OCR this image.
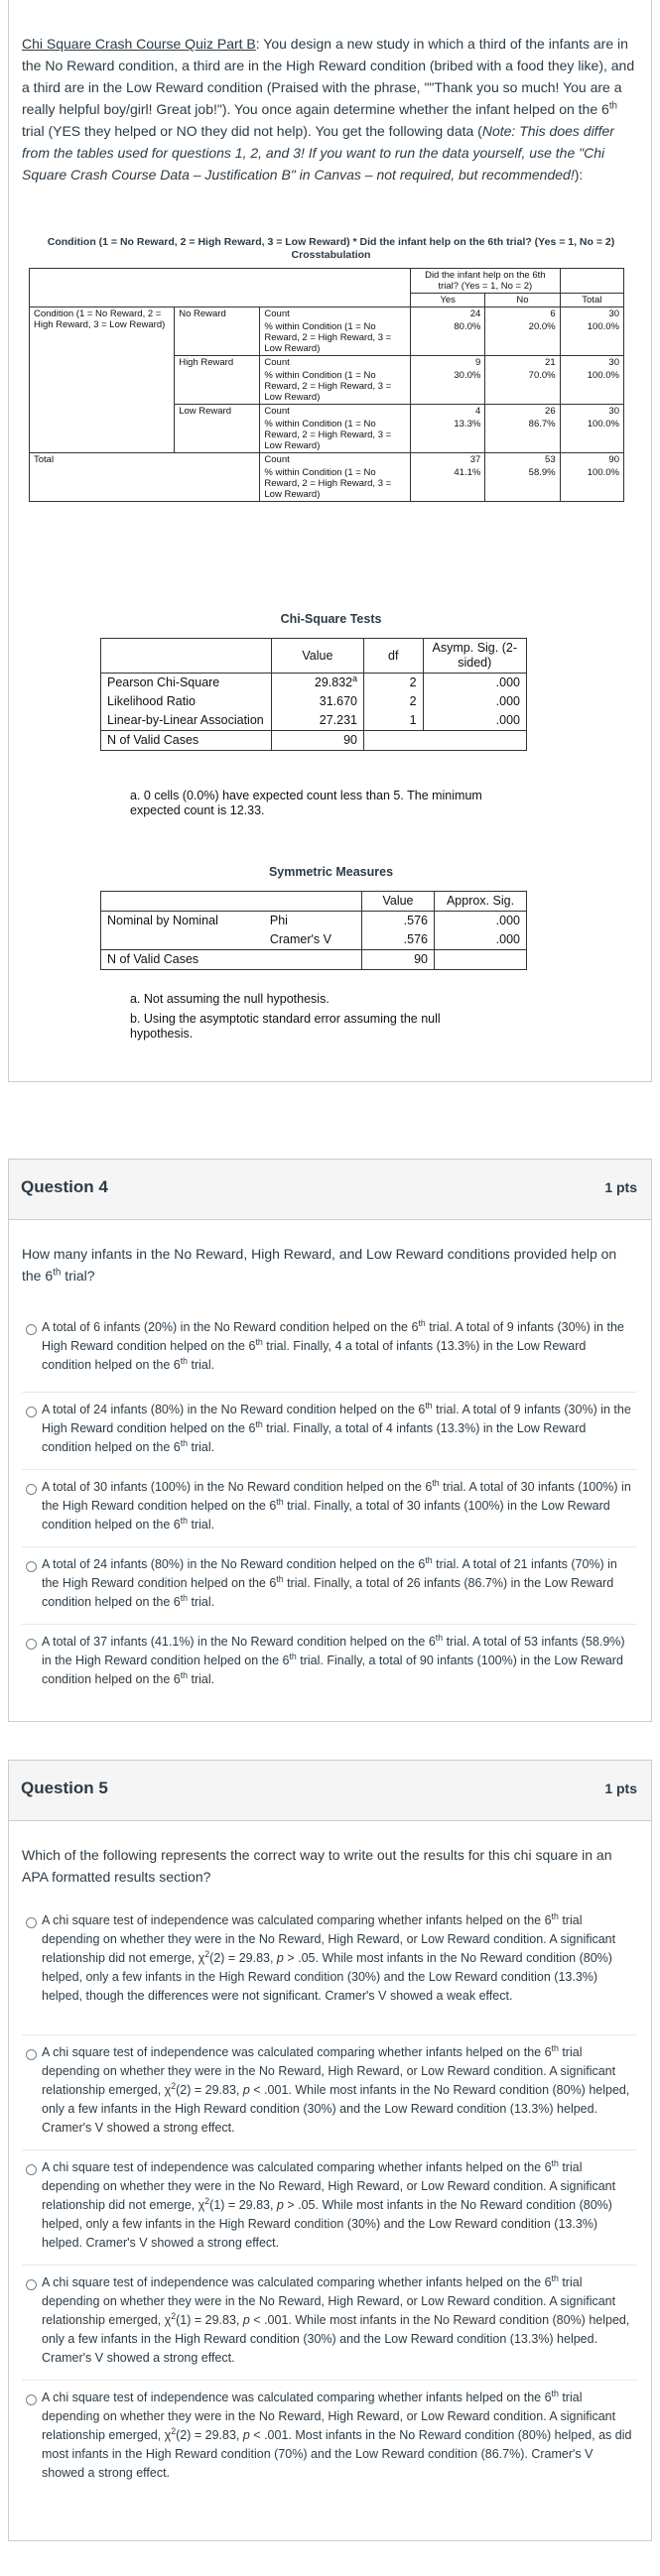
Chi Square Crash Course Quiz Part B: You design a new study in which a third of the infants are in the No Reward condition, a third are in the High Reward condition (bribed with a food they like), and a third are in the Low Reward condition (Praised with the phrase, ""Thank you so much! You are a really helpful boy/girl! Great job!"). You once again determine whether the infant helped on the 6th trial (YES they helped or NO they did not help). You get the following data (Note: This does differ from the tables used for questions 1, 2, and 3! If you want to run the data yourself, use the "Chi Square Crash Course Data – Justification B" in Canvas – not required, but recommended!):
Condition (1 = No Reward, 2 = High Reward, 3 = Low Reward) * Did the infant help on the 6th trial? (Yes = 1, No = 2)
Crosstabulation
			Did the infant help on the 6th trial? (Yes = 1, No = 2)		
			Yes	No	Total
Condition (1 = No Reward, 2 = High Reward, 3 = Low Reward)	No Reward	Count	24	6	30
		% within Condition (1 = No Reward, 2 = High Reward, 3 = Low Reward)	80.0%	20.0%	100.0%
	High Reward	Count	9	21	30
		% within Condition (1 = No Reward, 2 = High Reward, 3 = Low Reward)	30.0%	70.0%	100.0%
	Low Reward	Count	4	26	30
		% within Condition (1 = No Reward, 2 = High Reward, 3 = Low Reward)	13.3%	86.7%	100.0%
Total		Count	37	53	90
		% within Condition (1 = No Reward, 2 = High Reward, 3 = Low Reward)	41.1%	58.9%	100.0%
Chi-Square Tests
	Value	df	Asymp. Sig. (2-sided)
Pearson Chi-Square	29.832$^a$	2	.000
Likelihood Ratio	31.670	2	.000
Linear-by-Linear Association	27.231	1	.000
N of Valid Cases	90		
a. 0 cells (0.0%) have expected count less than 5. The minimum expected count is 12.33.
Symmetric Measures
		Value	Approx. Sig.
Nominal by Nominal	Phi	.576	.000
	Cramer's V	.576	.000
N of Valid Cases		90	
a. Not assuming the null hypothesis.
b. Using the asymptotic standard error assuming the null hypothesis.
Question 4	1 pts
How many infants in the No Reward, High Reward, and Low Reward conditions provided help on the 6th trial?
A total of 6 infants (20%) in the No Reward condition helped on the 6th trial. A total of 9 infants (30%) in the High Reward condition helped on the 6th trial. Finally, 4 a total of infants (13.3%) in the Low Reward condition helped on the 6th trial.
A total of 24 infants (80%) in the No Reward condition helped on the 6th trial. A total of 9 infants (30%) in the High Reward condition helped on the 6th trial. Finally, a total of 4 infants (13.3%) in the Low Reward condition helped on the 6th trial.
A total of 30 infants (100%) in the No Reward condition helped on the 6th trial. A total of 30 infants (100%) in the High Reward condition helped on the 6th trial. Finally, a total of 30 infants (100%) in the Low Reward condition helped on the 6th trial.
A total of 24 infants (80%) in the No Reward condition helped on the 6th trial. A total of 21 infants (70%) in the High Reward condition helped on the 6th trial. Finally, a total of 26 infants (86.7%) in the Low Reward condition helped on the 6th trial.
A total of 37 infants (41.1%) in the No Reward condition helped on the 6th trial. A total of 53 infants (58.9%) in the High Reward condition helped on the 6th trial. Finally, a total of 90 infants (100%) in the Low Reward condition helped on the 6th trial.
Question 5	1 pts
Which of the following represents the correct way to write out the results for this chi square in an APA formatted results section?
A chi square test of independence was calculated comparing whether infants helped on the 6th trial depending on whether they were in the No Reward, High Reward, or Low Reward condition. A significant relationship did not emerge, $\chi^2(2) = 29.83$, p > .05. While most infants in the No Reward condition (80%) helped, only a few infants in the High Reward condition (30%) and the Low Reward condition (13.3%) helped, though the differences were not significant. Cramer's V showed a weak effect.
A chi square test of independence was calculated comparing whether infants helped on the 6th trial depending on whether they were in the No Reward, High Reward, or Low Reward condition. A significant relationship emerged, $\chi^2(2) = 29.83$, p < .001. While most infants in the No Reward condition (80%) helped, only a few infants in the High Reward condition (30%) and the Low Reward condition (13.3%) helped. Cramer's V showed a strong effect.
A chi square test of independence was calculated comparing whether infants helped on the 6th trial depending on whether they were in the No Reward, High Reward, or Low Reward condition. A significant relationship did not emerge, $\chi^2(1) = 29.83$, p > .05. While most infants in the No Reward condition (80%) helped, only a few infants in the High Reward condition (30%) and the Low Reward condition (13.3%) helped. Cramer's V showed a strong effect.
A chi square test of independence was calculated comparing whether infants helped on the 6th trial depending on whether they were in the No Reward, High Reward, or Low Reward condition. A significant relationship emerged, $\chi^2(1) = 29.83$, p < .001. While most infants in the No Reward condition (80%) helped, only a few infants in the High Reward condition (30%) and the Low Reward condition (13.3%) helped. Cramer's V showed a strong effect.
A chi square test of independence was calculated comparing whether infants helped on the 6th trial depending on whether they were in the No Reward, High Reward, or Low Reward condition. A significant relationship emerged, $\chi^2(2) = 29.83$, p < .001. Most infants in the No Reward condition (80%) helped, as did most infants in the High Reward condition (70%) and the Low Reward condition (86.7%). Cramer's V showed a strong effect.
